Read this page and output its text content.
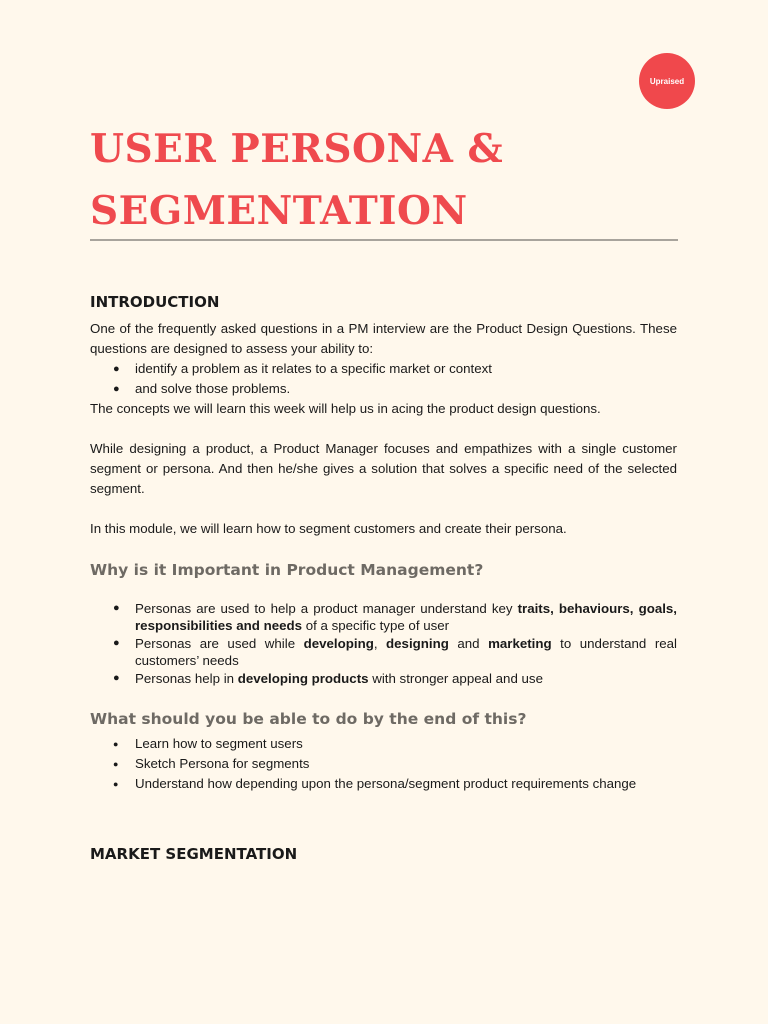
Upraised
USER PERSONA &
SEGMENTATION
INTRODUCTION

One of the frequently asked questions in a PM interview are the Product Design Questions. These questions are designed to assess your ability to:

● identify a problem as it relates to a specific market or context
● and solve those problems.

The concepts we will learn this week will help us in acing the product design questions.

While designing a product, a Product Manager focuses and empathizes with a single customer segment or persona. And then he/she gives a solution that solves a specific need of the selected segment.

In this module, we will learn how to segment customers and create their persona.

Why is it Important in Product Management?
● Personas are used to help a product manager understand key traits, behaviours, goals, responsibilities and needs of a specific type of user
● Personas are used while developing, designing and marketing to understand real customers’ needs
● Personas help in developing products with stronger appeal and use
What should you be able to do by the end of this?
● Learn how to segment users
● Sketch Persona for segments
● Understand how depending upon the persona/segment product requirements change
MARKET SEGMENTATION
